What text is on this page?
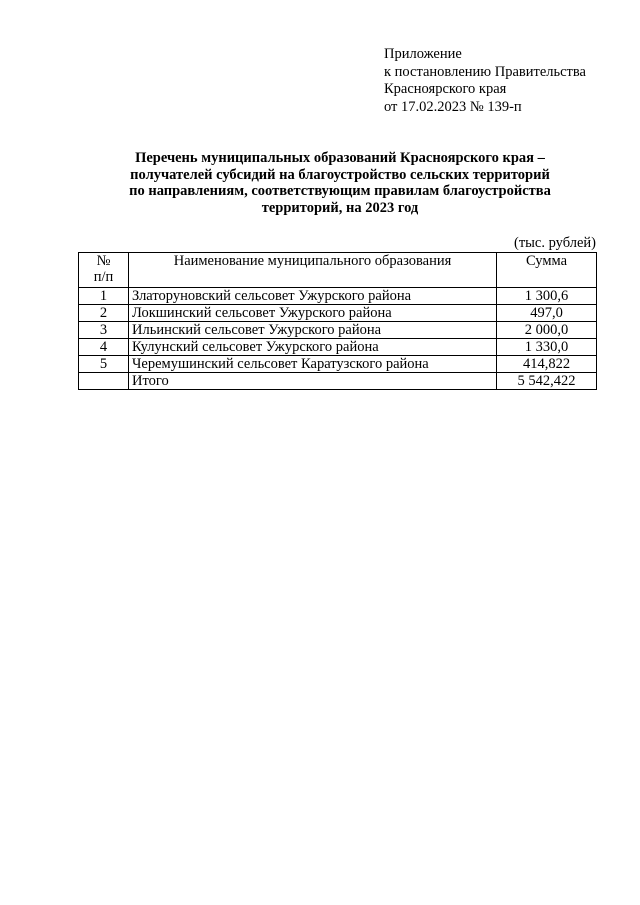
Приложение
к постановлению Правительства
Красноярского края
от 17.02.2023 № 139-п
Перечень муниципальных образований Красноярского края –
получателей субсидий на благоустройство сельских территорий
по направлениям, соответствующим правилам благоустройства
территорий, на 2023 год
(тыс. рублей)
№
п/п	Наименование муниципального образования	Сумма
1	Златоруновский сельсовет Ужурского района	1 300,6
2	Локшинский сельсовет Ужурского района	497,0
3	Ильинский сельсовет Ужурского района	2 000,0
4	Кулунский сельсовет Ужурского района	1 330,0
5	Черемушинский сельсовет Каратузского района	414,822
	Итого	5 542,422
